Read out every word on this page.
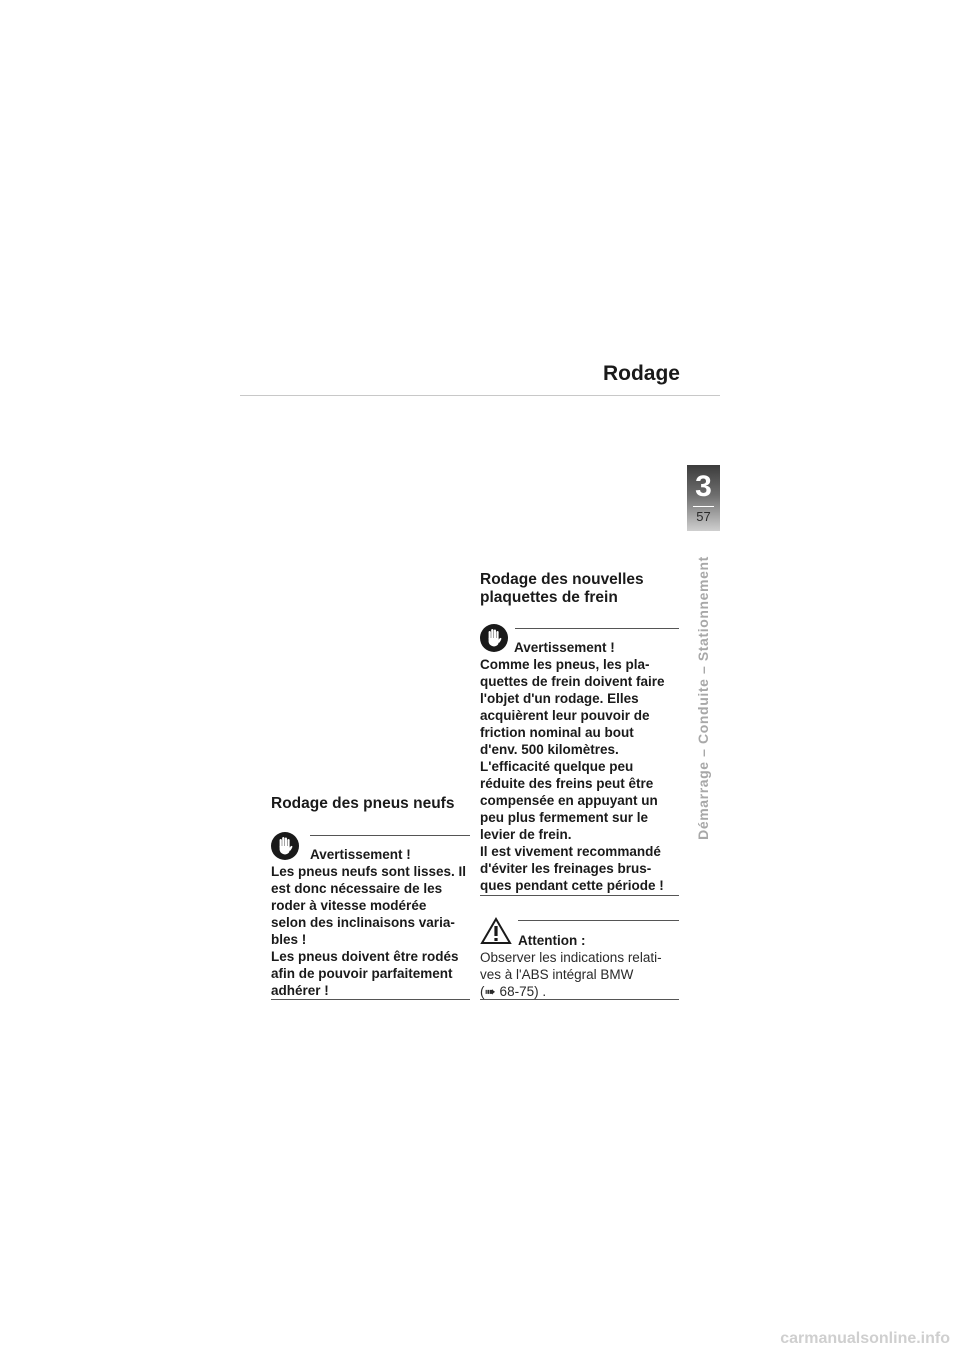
Rodage
3
57
Démarrage – Conduite – Stationnement
Rodage des pneus neufs
Avertissement !
Les pneus neufs sont lisses. Il
est donc nécessaire de les
roder à vitesse modérée
selon des inclinaisons varia-
bles !
Les pneus doivent être rodés
afin de pouvoir parfaitement
adhérer !
Rodage des nouvelles
plaquettes de frein
Avertissement !
Comme les pneus, les pla-
quettes de frein doivent faire
l'objet d'un rodage. Elles
acquièrent leur pouvoir de
friction nominal au bout
d'env. 500 kilomètres.
L'efficacité quelque peu
réduite des freins peut être
compensée en appuyant un
peu plus fermement sur le
levier de frein.
Il est vivement recommandé
d'éviter les freinages brus-
ques pendant cette période !
Attention :
Observer les indications relati-
ves à l'ABS intégral BMW
(➠ 68-75) .
carmanualsonline.info
